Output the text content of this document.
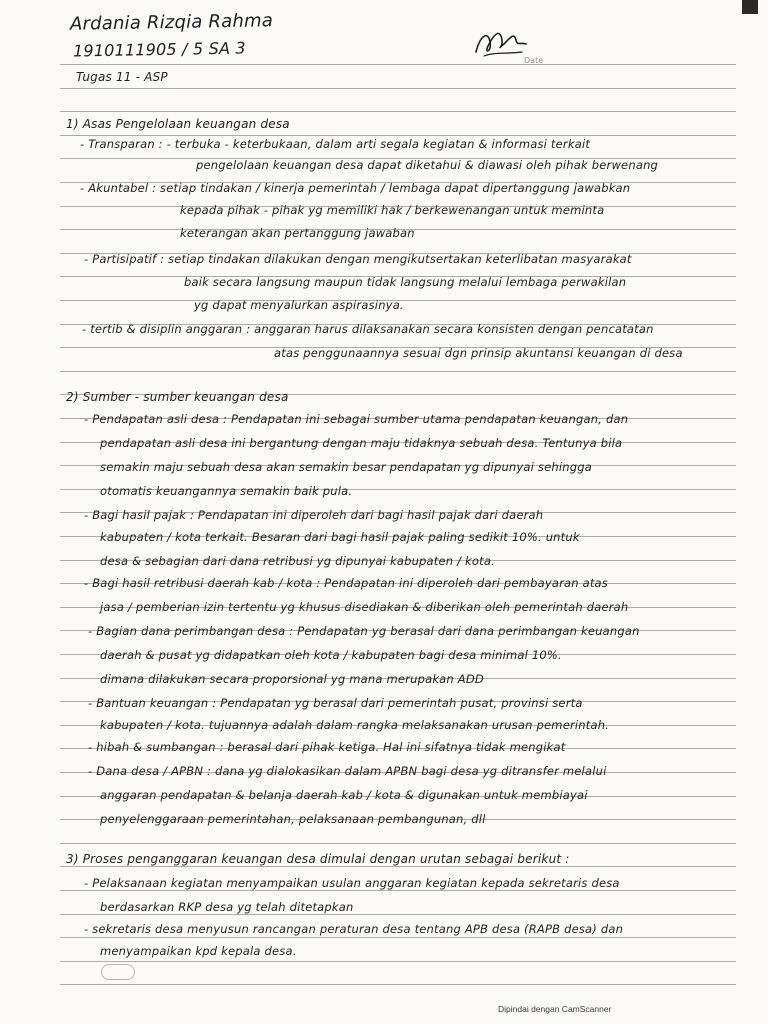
Ardania Rizqia Rahma
1910111905 / 5 SA 3	Date
Tugas 11 - ASP
1) Asas Pengelolaan keuangan desa
- Transparan : - terbuka - keterbukaan, dalam arti segala kegiatan & informasi terkait
pengelolaan keuangan desa dapat diketahui & diawasi oleh pihak berwenang
- Akuntabel : setiap tindakan / kinerja pemerintah / lembaga dapat dipertanggung jawabkan
kepada pihak - pihak yg memiliki hak / berkewenangan untuk meminta
keterangan akan pertanggung jawaban
- Partisipatif : setiap tindakan dilakukan dengan mengikutsertakan keterlibatan masyarakat
baik secara langsung maupun tidak langsung melalui lembaga perwakilan
yg dapat menyalurkan aspirasinya.
- tertib & disiplin anggaran : anggaran harus dilaksanakan secara konsisten dengan pencatatan
atas penggunaannya sesuai dgn prinsip akuntansi keuangan di desa
2) Sumber - sumber keuangan desa
- Pendapatan asli desa : Pendapatan ini sebagai sumber utama pendapatan keuangan, dan
pendapatan asli desa ini bergantung dengan maju tidaknya sebuah desa. Tentunya bila
semakin maju sebuah desa akan semakin besar pendapatan yg dipunyai sehingga
otomatis keuangannya semakin baik pula.
- Bagi hasil pajak : Pendapatan ini diperoleh dari bagi hasil pajak dari daerah
kabupaten / kota terkait. Besaran dari bagi hasil pajak paling sedikit 10%. untuk
desa & sebagian dari dana retribusi yg dipunyai kabupaten / kota.
- Bagi hasil retribusi daerah kab / kota : Pendapatan ini diperoleh dari pembayaran atas
jasa / pemberian izin tertentu yg khusus disediakan & diberikan oleh pemerintah daerah
- Bagian dana perimbangan desa : Pendapatan yg berasal dari dana perimbangan keuangan
daerah & pusat yg didapatkan oleh kota / kabupaten bagi desa minimal 10%.
dimana dilakukan secara proporsional yg mana merupakan ADD
- Bantuan keuangan : Pendapatan yg berasal dari pemerintah pusat, provinsi serta
kabupaten / kota. tujuannya adalah dalam rangka melaksanakan urusan pemerintah.
- hibah & sumbangan : berasal dari pihak ketiga. Hal ini sifatnya tidak mengikat
- Dana desa / APBN : dana yg dialokasikan dalam APBN bagi desa yg ditransfer melalui
anggaran pendapatan & belanja daerah kab / kota & digunakan untuk membiayai
penyelenggaraan pemerintahan, pelaksanaan pembangunan, dll
3) Proses penganggaran keuangan desa dimulai dengan urutan sebagai berikut :
- Pelaksanaan kegiatan menyampaikan usulan anggaran kegiatan kepada sekretaris desa
berdasarkan RKP desa yg telah ditetapkan
- sekretaris desa menyusun rancangan peraturan desa tentang APB desa (RAPB desa) dan
menyampaikan kpd kepala desa.
Dipindai dengan CamScanner
